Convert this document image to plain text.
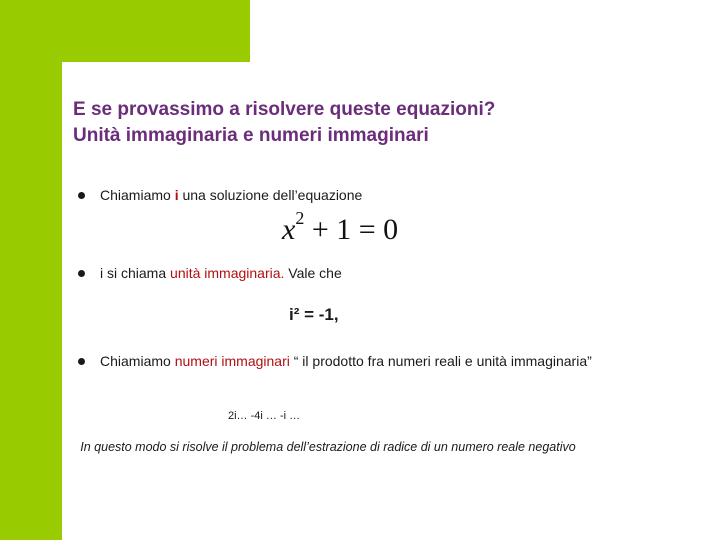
E se provassimo a risolvere queste equazioni?
Unità immaginaria e numeri immaginari
Chiamiamo i una soluzione dell’equazione
$x^2 + 1 = 0$
i si chiama unità immaginaria. Vale che
i² = -1,
Chiamiamo numeri immaginari “ il prodotto fra numeri reali e unità immaginaria”
2i… -4i … -i …
In questo modo si risolve il problema dell’estrazione di radice di un numero reale negativo
